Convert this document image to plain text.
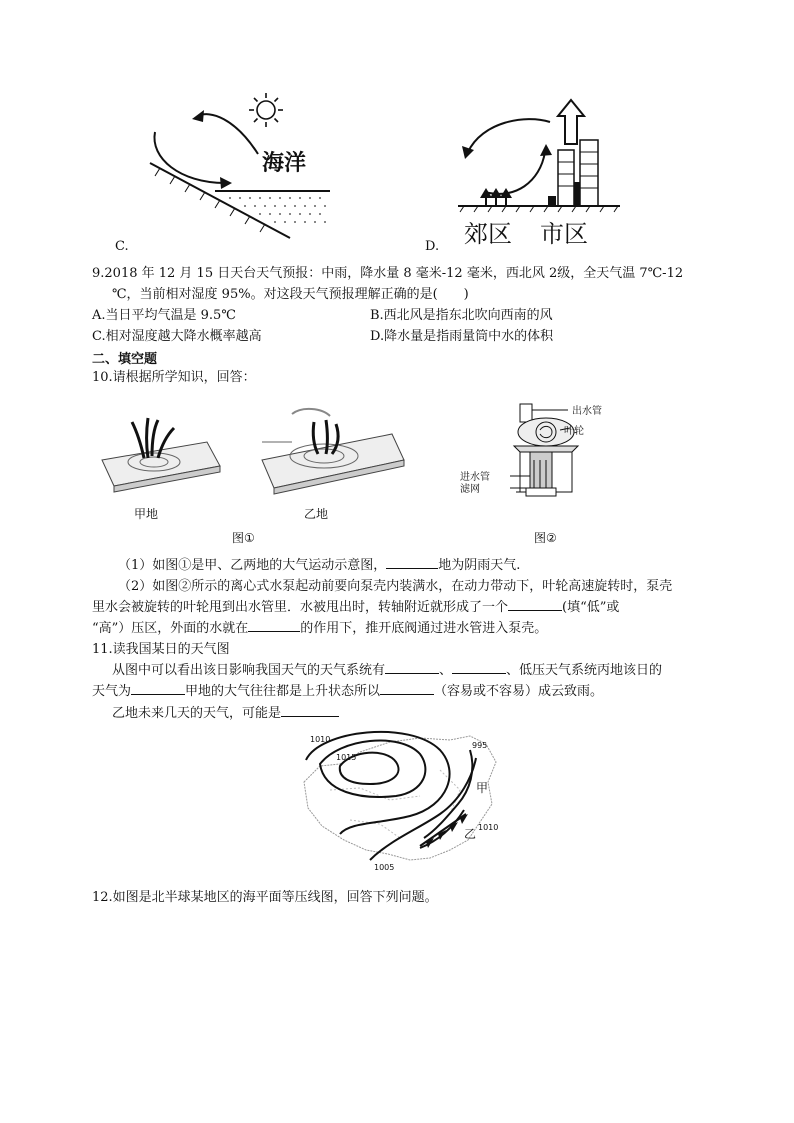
海洋
C.	郊区 市区
D.
9.2018 年 12 月 15 日天台天气预报：中雨，降水量 8 毫米-12 毫米，西北风 2级，全天气温 7℃-12
℃，当前相对湿度 95%。对这段天气预报理解正确的是(　　)
A.当日平均气温是 9.5℃	B.西北风是指东北吹向西南的风
C.相对湿度越大降水概率越高	D.降水量是指雨量筒中水的体积
二、填空题
10.请根据所学知识，回答：
甲地	乙地
图①
出水管
叶轮
进水管
滤网
图②
（1）如图①是甲、乙两地的大气运动示意图，	地为阴雨天气.
（2）如图②所示的离心式水泵起动前要向泵壳内装满水，在动力带动下，叶轮高速旋转时，泵壳
里水会被旋转的叶轮甩到出水管里．水被甩出时，转轴附近就形成了一个	(填“低”或
“高”）压区，外面的水就在	的作用下，推开底阀通过进水管进入泵壳。
11.读我国某日的天气图
从图中可以看出该日影响我国天气的天气系统有	、	、低压天气系统丙地该日的
天气为	甲地的大气往往都是上升状态所以	（容易或不容易）成云致雨。
乙地未来几天的天气，可能是
1010
1015
995
甲
乙 1010
1005
12.如图是北半球某地区的海平面等压线图，回答下列问题。
